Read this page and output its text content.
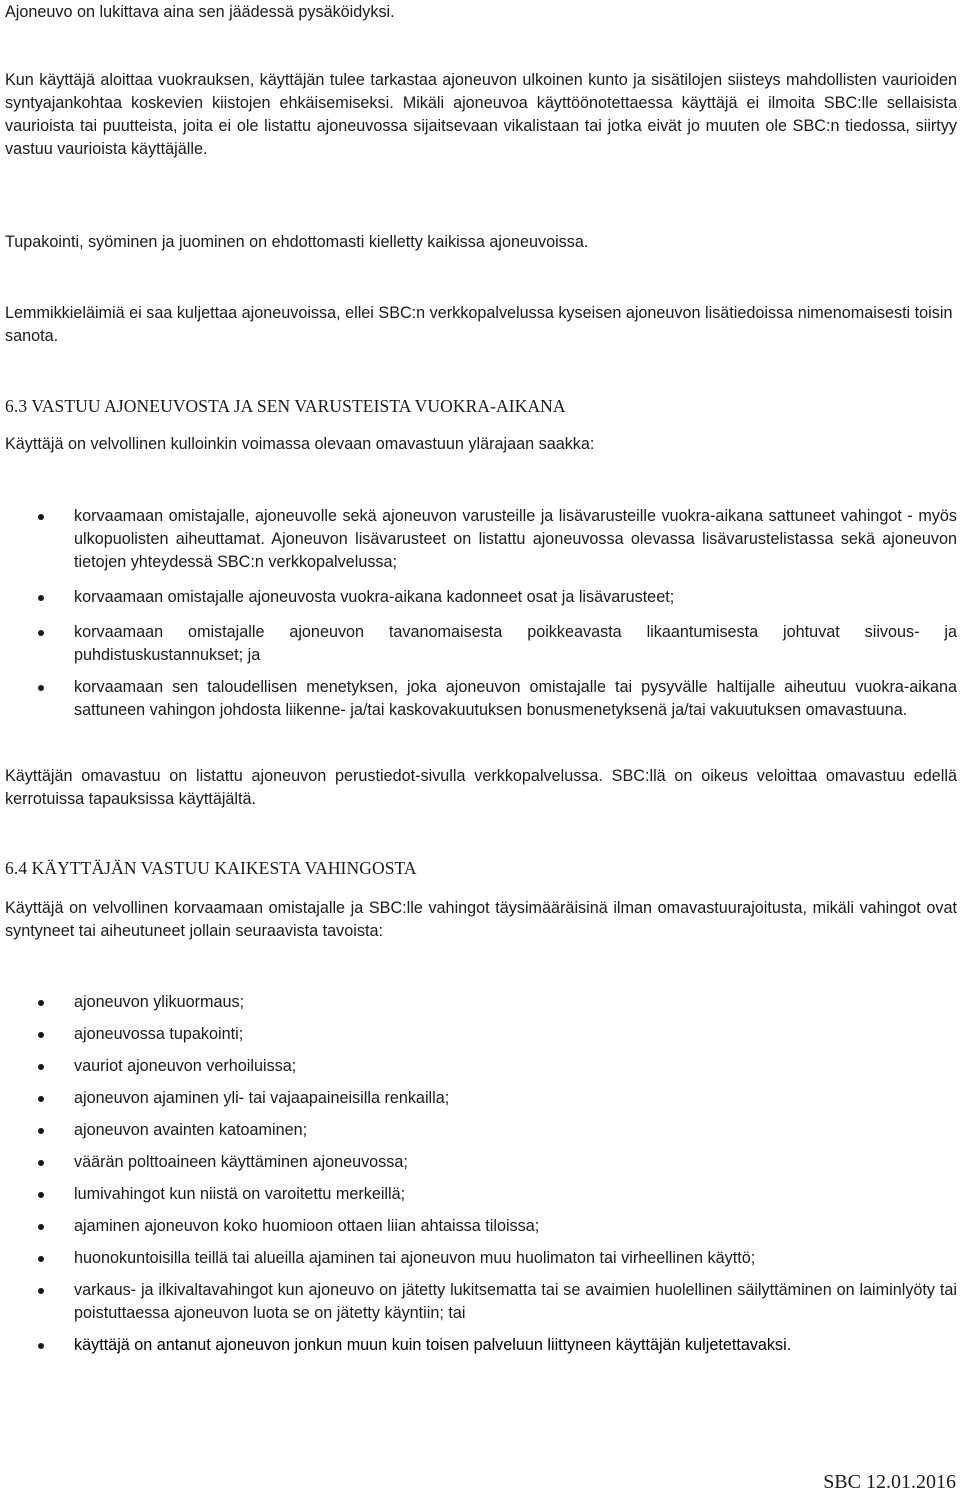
Ajoneuvo on lukittava aina sen jäädessä pysäköidyksi.

Kun käyttäjä aloittaa vuokrauksen, käyttäjän tulee tarkastaa ajoneuvon ulkoinen kunto ja sisätilojen siisteys mahdollisten vaurioiden syntyajankohtaa koskevien kiistojen ehkäisemiseksi. Mikäli ajoneuvoa käyttöönotettaessa käyttäjä ei ilmoita SBC:lle sellaisista vaurioista tai puutteista, joita ei ole listattu ajoneuvossa sijaitsevaan vikalistaan tai jotka eivät jo muuten ole SBC:n tiedossa, siirtyy vastuu vaurioista käyttäjälle.

Tupakointi, syöminen ja juominen on ehdottomasti kielletty kaikissa ajoneuvoissa.

Lemmikkieläimiä ei saa kuljettaa ajoneuvoissa, ellei SBC:n verkkopalvelussa kyseisen ajoneuvon lisätiedoissa nimenomaisesti toisin sanota.

6.3 VASTUU AJONEUVOSTA JA SEN VARUSTEISTA VUOKRA-AIKANA

Käyttäjä on velvollinen kulloinkin voimassa olevaan omavastuun ylärajaan saakka:

korvaamaan omistajalle, ajoneuvolle sekä ajoneuvon varusteille ja lisävarusteille vuokra-aikana sattuneet vahingot - myös ulkopuolisten aiheuttamat. Ajoneuvon lisävarusteet on listattu ajoneuvossa olevassa lisävarustelistassa sekä ajoneuvon tietojen yhteydessä SBC:n verkkopalvelussa;
korvaamaan omistajalle ajoneuvosta vuokra-aikana kadonneet osat ja lisävarusteet;
korvaamaan omistajalle ajoneuvon tavanomaisesta poikkeavasta likaantumisesta johtuvat siivous- ja puhdistuskustannukset; ja
korvaamaan sen taloudellisen menetyksen, joka ajoneuvon omistajalle tai pysyvälle haltijalle aiheutuu vuokra-aikana sattuneen vahingon johdosta liikenne- ja/tai kaskovakuutuksen bonusmenetyksenä ja/tai vakuutuksen omavastuuna.

Käyttäjän omavastuu on listattu ajoneuvon perustiedot-sivulla verkkopalvelussa. SBC:llä on oikeus veloittaa omavastuu edellä kerrotuissa tapauksissa käyttäjältä.

6.4 KÄYTTÄJÄN VASTUU KAIKESTA VAHINGOSTA

Käyttäjä on velvollinen korvaamaan omistajalle ja SBC:lle vahingot täysimääräisinä ilman omavastuurajoitusta, mikäli vahingot ovat syntyneet tai aiheutuneet jollain seuraavista tavoista:

ajoneuvon ylikuormaus;
ajoneuvossa tupakointi;
vauriot ajoneuvon verhoiluissa;
ajoneuvon ajaminen yli- tai vajaapaineisilla renkailla;
ajoneuvon avainten katoaminen;
väärän polttoaineen käyttäminen ajoneuvossa;
lumivahingot kun niistä on varoitettu merkeillä;
ajaminen ajoneuvon koko huomioon ottaen liian ahtaissa tiloissa;
huonokuntoisilla teillä tai alueilla ajaminen tai ajoneuvon muu huolimaton tai virheellinen käyttö;
varkaus- ja ilkivaltavahingot kun ajoneuvo on jätetty lukitsematta tai se avaimien huolellinen säilyttäminen on laiminlyöty tai poistuttaessa ajoneuvon luota se on jätetty käyntiin; tai
käyttäjä on antanut ajoneuvon jonkun muun kuin toisen palveluun liittyneen käyttäjän kuljetettavaksi.
SBC 12.01.2016
